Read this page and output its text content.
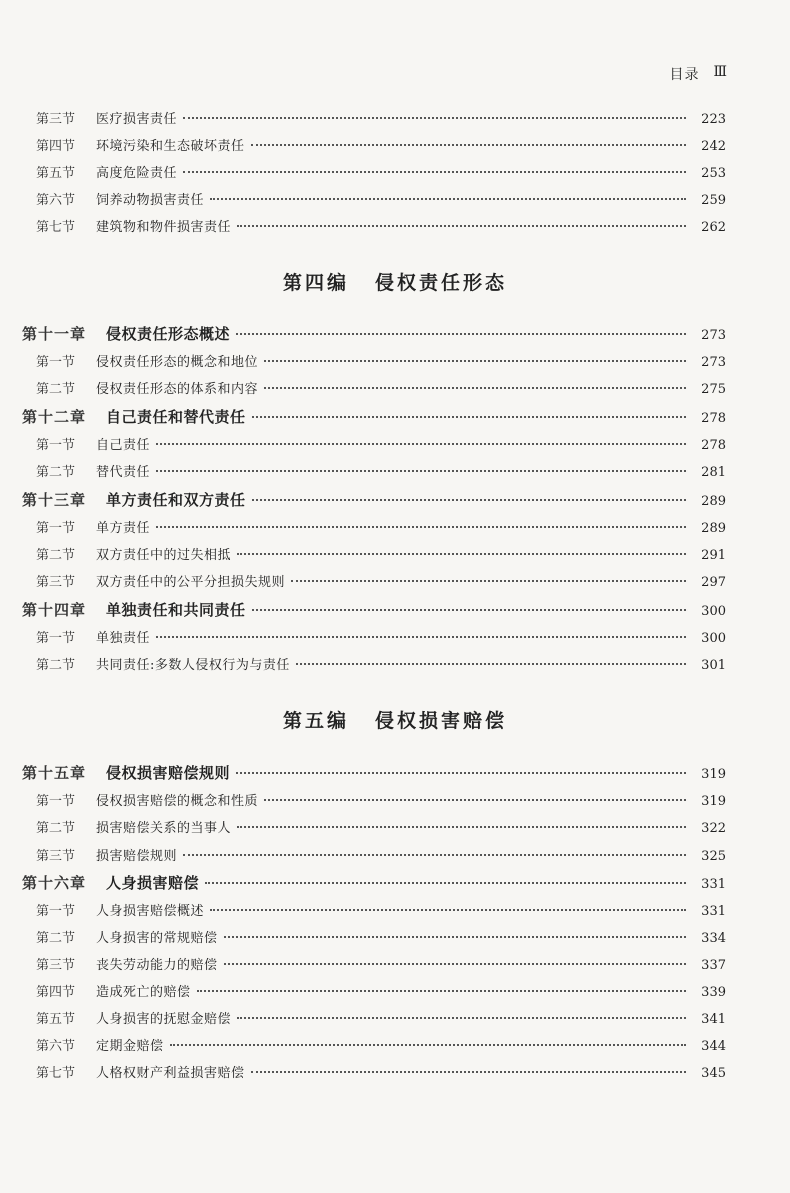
目录 Ⅲ
第三节	医疗损害责任	223
第四节	环境污染和生态破坏责任	242
第五节	高度危险责任	253
第六节	饲养动物损害责任	259
第七节	建筑物和物件损害责任	262
第四编 侵权责任形态
第十一章	侵权责任形态概述	273
第一节	侵权责任形态的概念和地位	273
第二节	侵权责任形态的体系和内容	275
第十二章	自己责任和替代责任	278
第一节	自己责任	278
第二节	替代责任	281
第十三章	单方责任和双方责任	289
第一节	单方责任	289
第二节	双方责任中的过失相抵	291
第三节	双方责任中的公平分担损失规则	297
第十四章	单独责任和共同责任	300
第一节	单独责任	300
第二节	共同责任:多数人侵权行为与责任	301
第五编 侵权损害赔偿
第十五章	侵权损害赔偿规则	319
第一节	侵权损害赔偿的概念和性质	319
第二节	损害赔偿关系的当事人	322
第三节	损害赔偿规则	325
第十六章	人身损害赔偿	331
第一节	人身损害赔偿概述	331
第二节	人身损害的常规赔偿	334
第三节	丧失劳动能力的赔偿	337
第四节	造成死亡的赔偿	339
第五节	人身损害的抚慰金赔偿	341
第六节	定期金赔偿	344
第七节	人格权财产利益损害赔偿	345
